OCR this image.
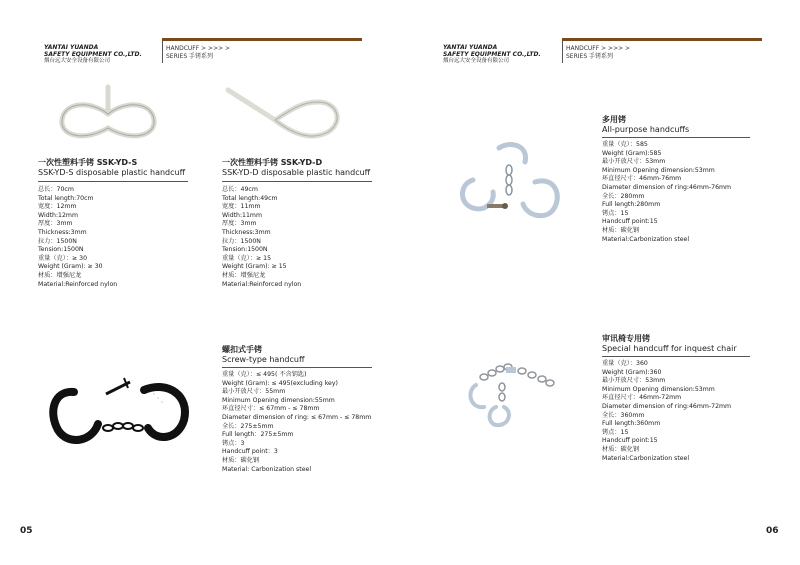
YANTAI YUANDA
SAFETY EQUIPMENT CO.,LTD.
烟台远大安全设备有限公司
HANDCUFF > >>> >
SERIES 手铐系列
YANTAI YUANDA
SAFETY EQUIPMENT CO.,LTD.
烟台远大安全设备有限公司
HANDCUFF > >>> >
SERIES 手铐系列
一次性塑料手铐 SSK-YD-S
SSK-YD-S disposable plastic handcuff
总长：70cm
Total length:70cm
宽度：12mm
Width:12mm
厚度：3mm
Thickness:3mm
拉力：1500N
Tension:1500N
重量（克）：≥ 30
Weight (Gram): ≥ 30
材质：增强尼龙
Material:Reinforced nylon
一次性塑料手铐 SSK-YD-D
SSK-YD-D disposable plastic handcuff
总长：49cm
Total length:49cm
宽度：11mm
Width:11mm
厚度：3mm
Thickness:3mm
拉力：1500N
Tension:1500N
重量（克）：≥ 15
Weight (Gram): ≥ 15
材质：增强尼龙
Material:Reinforced nylon
螺扣式手铐
Screw-type handcuff
重量（克）：≤ 495( 不含钥匙)
Weight (Gram): ≤ 495(excluding key)
最小开放尺寸：55mm
Minimum Opening dimension:55mm
环直径尺寸：≤ 67mm - ≤ 78mm
Diameter dimension of ring: ≤ 67mm - ≤ 78mm
全长：275±5mm
Full length：275±5mm
铐点：3
Handcuff point：3
材质：碳化钢
Material: Carbonization steel
多用铐
All-purpose handcuffs
重量（克）：585
Weight (Gram):585
最小开放尺寸：53mm
Minimum Opening dimension:53mm
环直径尺寸：46mm-76mm
Diameter dimension of ring:46mm-76mm
全长：280mm
Full length:280mm
铐点：15
Handcuff point:15
材质：碳化钢
Material:Carbonization steel
审讯椅专用铐
Special handcuff for inquest chair
重量（克）：360
Weight (Gram):360
最小开放尺寸：53mm
Minimum Opening dimension:53mm
环直径尺寸：46mm-72mm
Diameter dimension of ring:46mm-72mm
全长：360mm
Full length:360mm
铐点：15
Handcuff point:15
材质：碳化钢
Material:Carbonization steel
05	06
